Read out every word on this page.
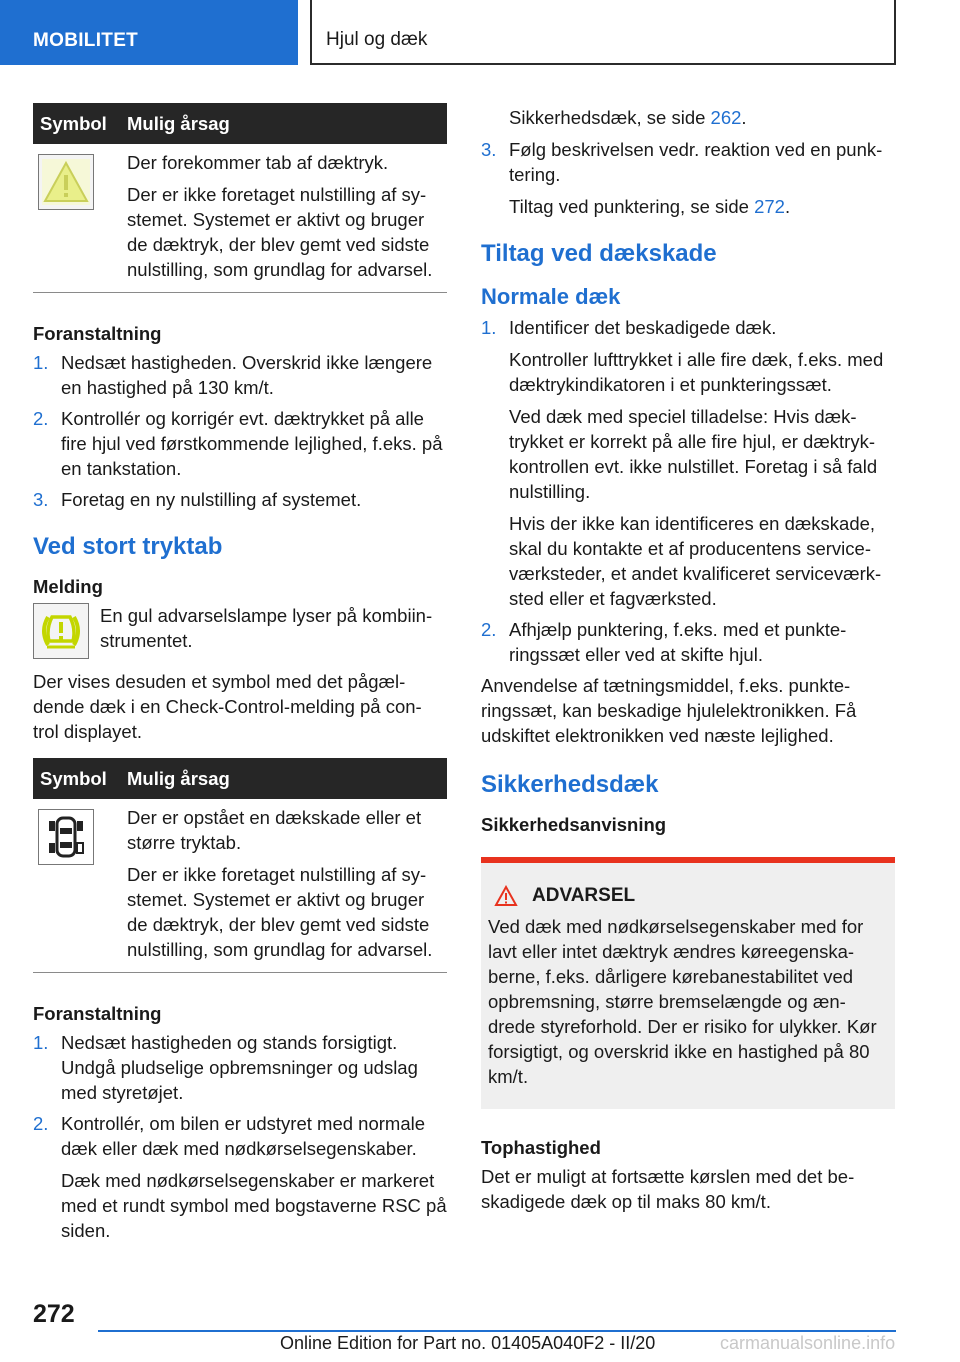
MOBILITET	Hjul og dæk
Symbol	Mulig årsag

Der forekommer tab af dæktryk.

Der er ikke foretaget nulstilling af sy-stemet. Systemet er aktivt og bruger de dæktryk, der blev gemt ved sidste nulstilling, som grundlag for advarsel.

Foranstaltning
1. Nedsæt hastigheden. Overskrid ikke længere en hastighed på 130 km/t.

2. Kontrollér og korrigér evt. dæktrykket på alle fire hjul ved førstkommende lejlighed, f.eks. på en tankstation.

3. Foretag en ny nulstilling af systemet.

Ved stort tryktab
Melding
En gul advarselslampe lyser på kombiin-strumentet.

Der vises desuden et symbol med det pågæl-dende dæk i en Check-Control-melding på con-trol displayet.

Symbol	Mulig årsag

Der er opstået en dækskade eller et større tryktab.

Der er ikke foretaget nulstilling af sy-stemet. Systemet er aktivt og bruger de dæktryk, der blev gemt ved sidste nulstilling, som grundlag for advarsel.

Foranstaltning
1. Nedsæt hastigheden og stands forsigtigt. Undgå pludselige opbremsninger og udslag med styretøjet.

2. Kontrollér, om bilen er udstyret med normale dæk eller dæk med nødkørselsegenskaber.

Dæk med nødkørselsegenskaber er markeret med et rundt symbol med bogstaverne RSC på siden.

Sikkerhedsdæk, se side 262.

3. Følg beskrivelsen vedr. reaktion ved en punk-tering.

Tiltag ved punktering, se side 272.

Tiltag ved dækskade
Normale dæk
1. Identificer det beskadigede dæk.

Kontroller lufttrykket i alle fire dæk, f.eks. med dæktrykindikatoren i et punkteringssæt.

Ved dæk med speciel tilladelse: Hvis dæk-trykket er korrekt på alle fire hjul, er dæktryk-kontrollen evt. ikke nulstillet. Foretag i så fald nulstilling.

Hvis der ikke kan identificeres en dækskade, skal du kontakte et af producentens service-værksteder, et andet kvalificeret serviceværk-sted eller et fagværksted.

2. Afhjælp punktering, f.eks. med et punkte-ringssæt eller ved at skifte hjul.

Anvendelse af tætningsmiddel, f.eks. punkte-ringssæt, kan beskadige hjulelektronikken. Få udskiftet elektronikken ved næste lejlighed.

Sikkerhedsdæk
Sikkerhedsanvisning
ADVARSEL

Ved dæk med nødkørselsegenskaber med for lavt eller intet dæktryk ændres køreegenska-berne, f.eks. dårligere kørebanestabilitet ved opbremsning, større bremselængde og æn-drede styreforhold. Der er risiko for ulykker. Kør forsigtigt, og overskrid ikke en hastighed på 80 km/t.

Tophastighed

Det er muligt at fortsætte kørslen med det be-skadigede dæk op til maks 80 km/t.

272
Online Edition for Part no. 01405A040F2 - II/20	carmanualsonline.info
